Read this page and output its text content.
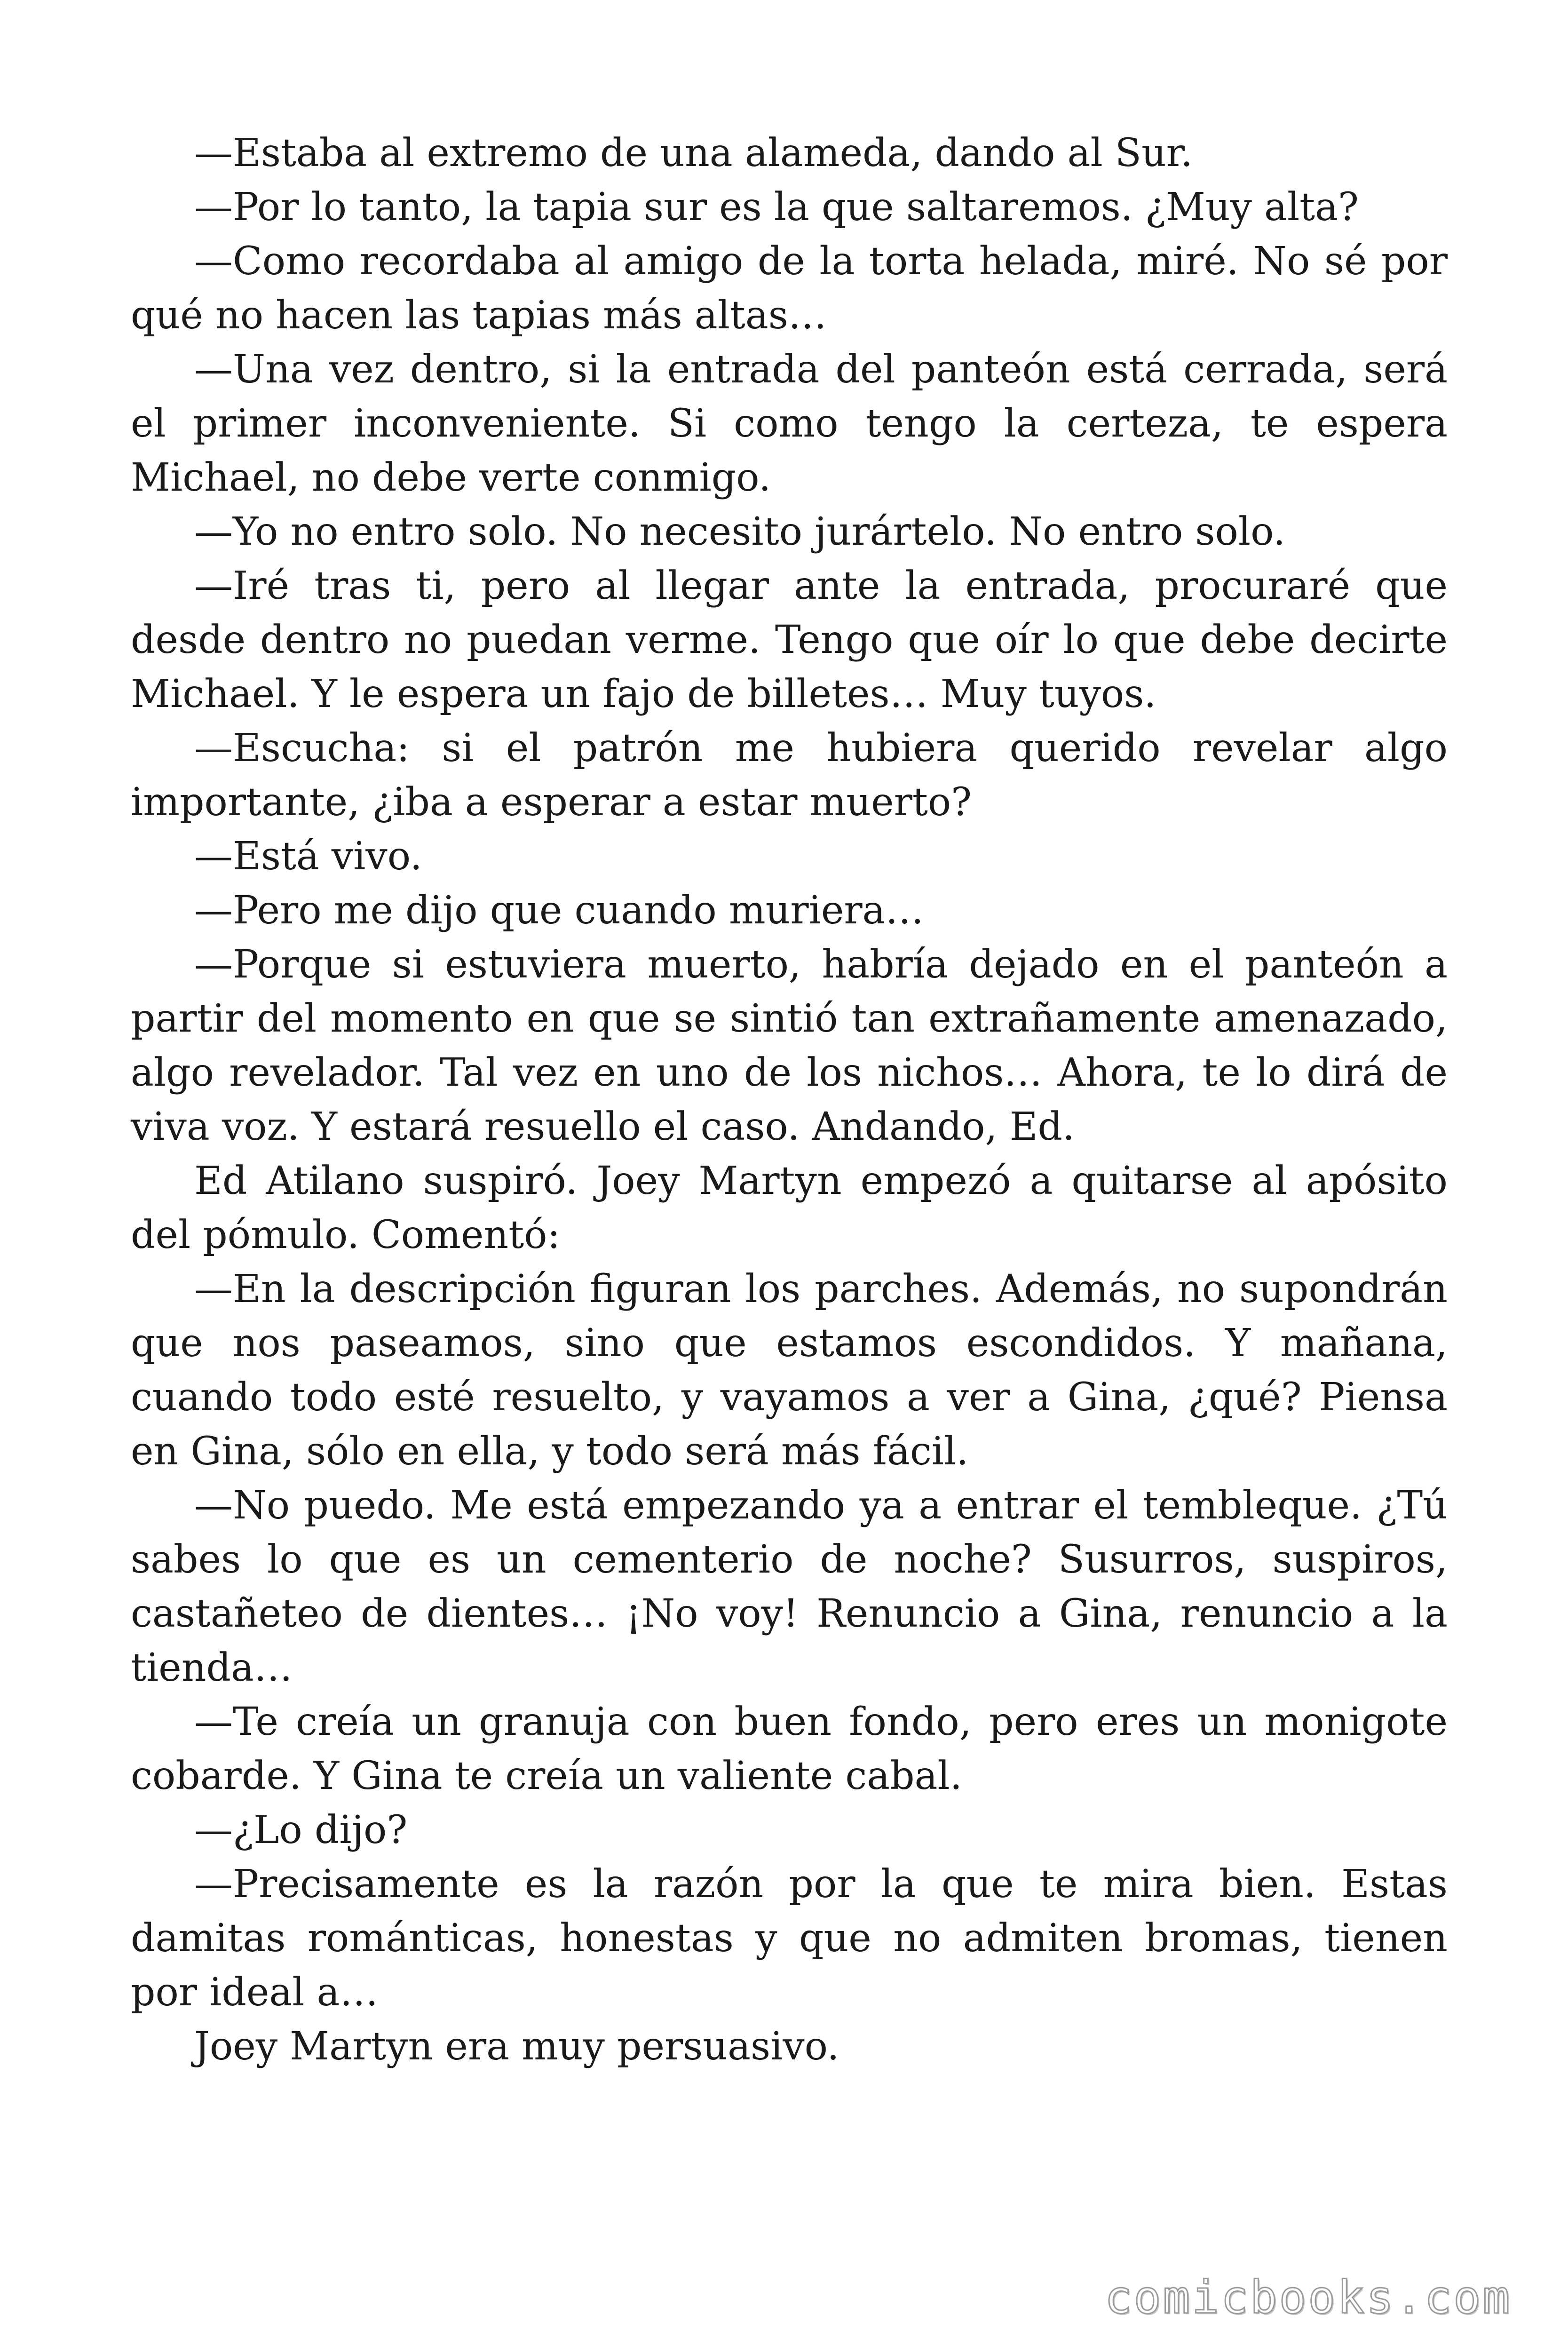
—Estaba al extremo de una alameda, dando al Sur.

—Por lo tanto, la tapia sur es la que saltaremos. ¿Muy alta?

—Como recordaba al amigo de la torta helada, miré. No sé por qué no hacen las tapias más altas…

—Una vez dentro, si la entrada del panteón está cerrada, será el primer inconveniente. Si como tengo la certeza, te espera Michael, no debe verte conmigo.

—Yo no entro solo. No necesito jurártelo. No entro solo.

—Iré tras ti, pero al llegar ante la entrada, procuraré que desde dentro no puedan verme. Tengo que oír lo que debe decirte Michael. Y le espera un fajo de billetes… Muy tuyos.

—Escucha: si el patrón me hubiera querido revelar algo importante, ¿iba a esperar a estar muerto?

—Está vivo.

—Pero me dijo que cuando muriera…

—Porque si estuviera muerto, habría dejado en el panteón a partir del momento en que se sintió tan extrañamente amenazado, algo revelador. Tal vez en uno de los nichos… Ahora, te lo dirá de viva voz. Y estará resuello el caso. Andando, Ed.

Ed Atilano suspiró. Joey Martyn empezó a quitarse al apósito del pómulo. Comentó:

—En la descripción figuran los parches. Además, no supondrán que nos paseamos, sino que estamos escondidos. Y mañana, cuando todo esté resuelto, y vayamos a ver a Gina, ¿qué? Piensa en Gina, sólo en ella, y todo será más fácil.

—No puedo. Me está empezando ya a entrar el tembleque. ¿Tú sabes lo que es un cementerio de noche? Susurros, suspiros, castañeteo de dientes… ¡No voy! Renuncio a Gina, renuncio a la tienda…

—Te creía un granuja con buen fondo, pero eres un monigote cobarde. Y Gina te creía un valiente cabal.

—¿Lo dijo?

—Precisamente es la razón por la que te mira bien. Estas damitas románticas, honestas y que no admiten bromas, tienen por ideal a…

Joey Martyn era muy persuasivo.

comicbooks.com
